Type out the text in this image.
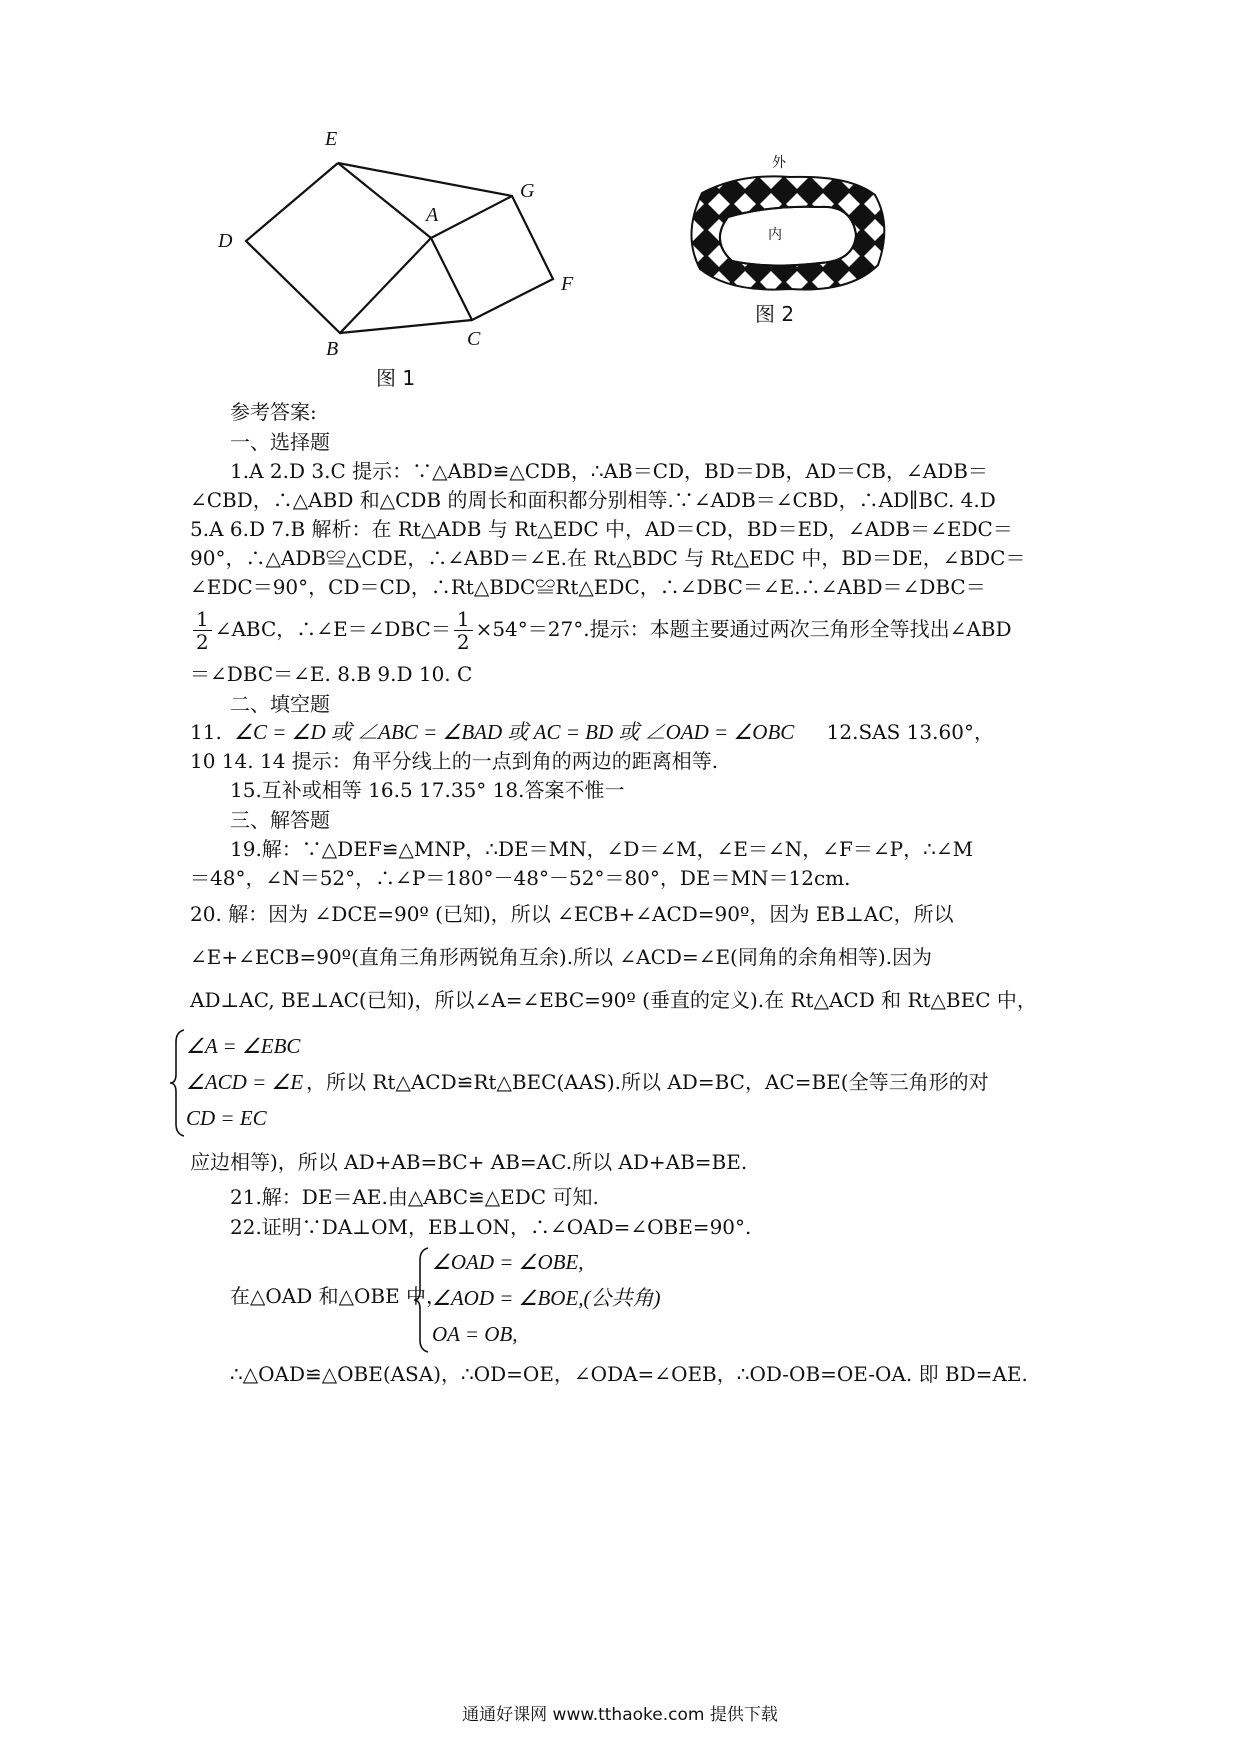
E
G
A
D
F
B	C
图 1
外
内
图 2
参考答案:
一、选择题
1.A 2.D 3.C 提示：∵△ABD≌△CDB，∴AB＝CD，BD＝DB，AD＝CB，∠ADB＝
∠CBD，∴△ABD 和△CDB 的周长和面积都分别相等.∵∠ADB＝∠CBD，∴AD∥BC. 4.D
5.A 6.D 7.B 解析：在 Rt△ADB 与 Rt△EDC 中，AD＝CD，BD＝ED，∠ADB＝∠EDC＝
90°，∴△ADB≌△CDE，∴∠ABD＝∠E.在 Rt△BDC 与 Rt△EDC 中，BD＝DE，∠BDC＝
∠EDC＝90°，CD＝CD，∴Rt△BDC≌Rt△EDC，∴∠DBC＝∠E.∴∠ABD＝∠DBC＝
$\frac{1}{2}$ ∠ABC，∴∠E＝∠DBC＝ $\frac{1}{2} \times 54^\circ=27^\circ$.提示：本题主要通过两次三角形全等找出∠ABD
＝∠DBC＝∠E. 8.B 9.D 10. C
二、填空题
11. ∠C = ∠D 或 ∠ABC = ∠BAD 或 AC = BD 或 ∠OAD = ∠OBC 12.SAS 13.60°，
10 14. 14 提示：角平分线上的一点到角的两边的距离相等.
15.互补或相等 16.5 17.35° 18.答案不惟一
三、解答题
19.解：∵△DEF≌△MNP，∴DE＝MN，∠D＝∠M，∠E＝∠N，∠F＝∠P，∴∠M
＝48°，∠N＝52°，∴∠P＝180°－48°－52°＝80°，DE＝MN＝12cm.
20. 解：因为 ∠DCE=90º (已知)，所以 ∠ECB+∠ACD=90º，因为 EB⊥AC，所以
∠E+∠ECB=90º(直角三角形两锐角互余).所以 ∠ACD=∠E(同角的余角相等).因为
AD⊥AC, BE⊥AC(已知)，所以∠A=∠EBC=90º (垂直的定义).在 Rt△ACD 和 Rt△BEC 中，
∠A = ∠EBC
∠ACD = ∠E
CD = EC
，所以 Rt△ACD≌Rt△BEC(AAS).所以 AD=BC，AC=BE(全等三角形的对
应边相等)，所以 AD+AB=BC+ AB=AC.所以 AD+AB=BE.
21.解：DE＝AE.由△ABC≌△EDC 可知.
22.证明∵DA⊥OM，EB⊥ON，∴∠OAD=∠OBE=90°.
在△OAD 和△OBE 中，
∠OAD = ∠OBE,
∠AOD = ∠BOE,(公共角)
OA = OB,
∴△OAD≌△OBE(ASA)，∴OD=OE，∠ODA=∠OEB，∴OD-OB=OE-OA. 即 BD=AE.
通通好课网 www.tthaoke.com 提供下载
